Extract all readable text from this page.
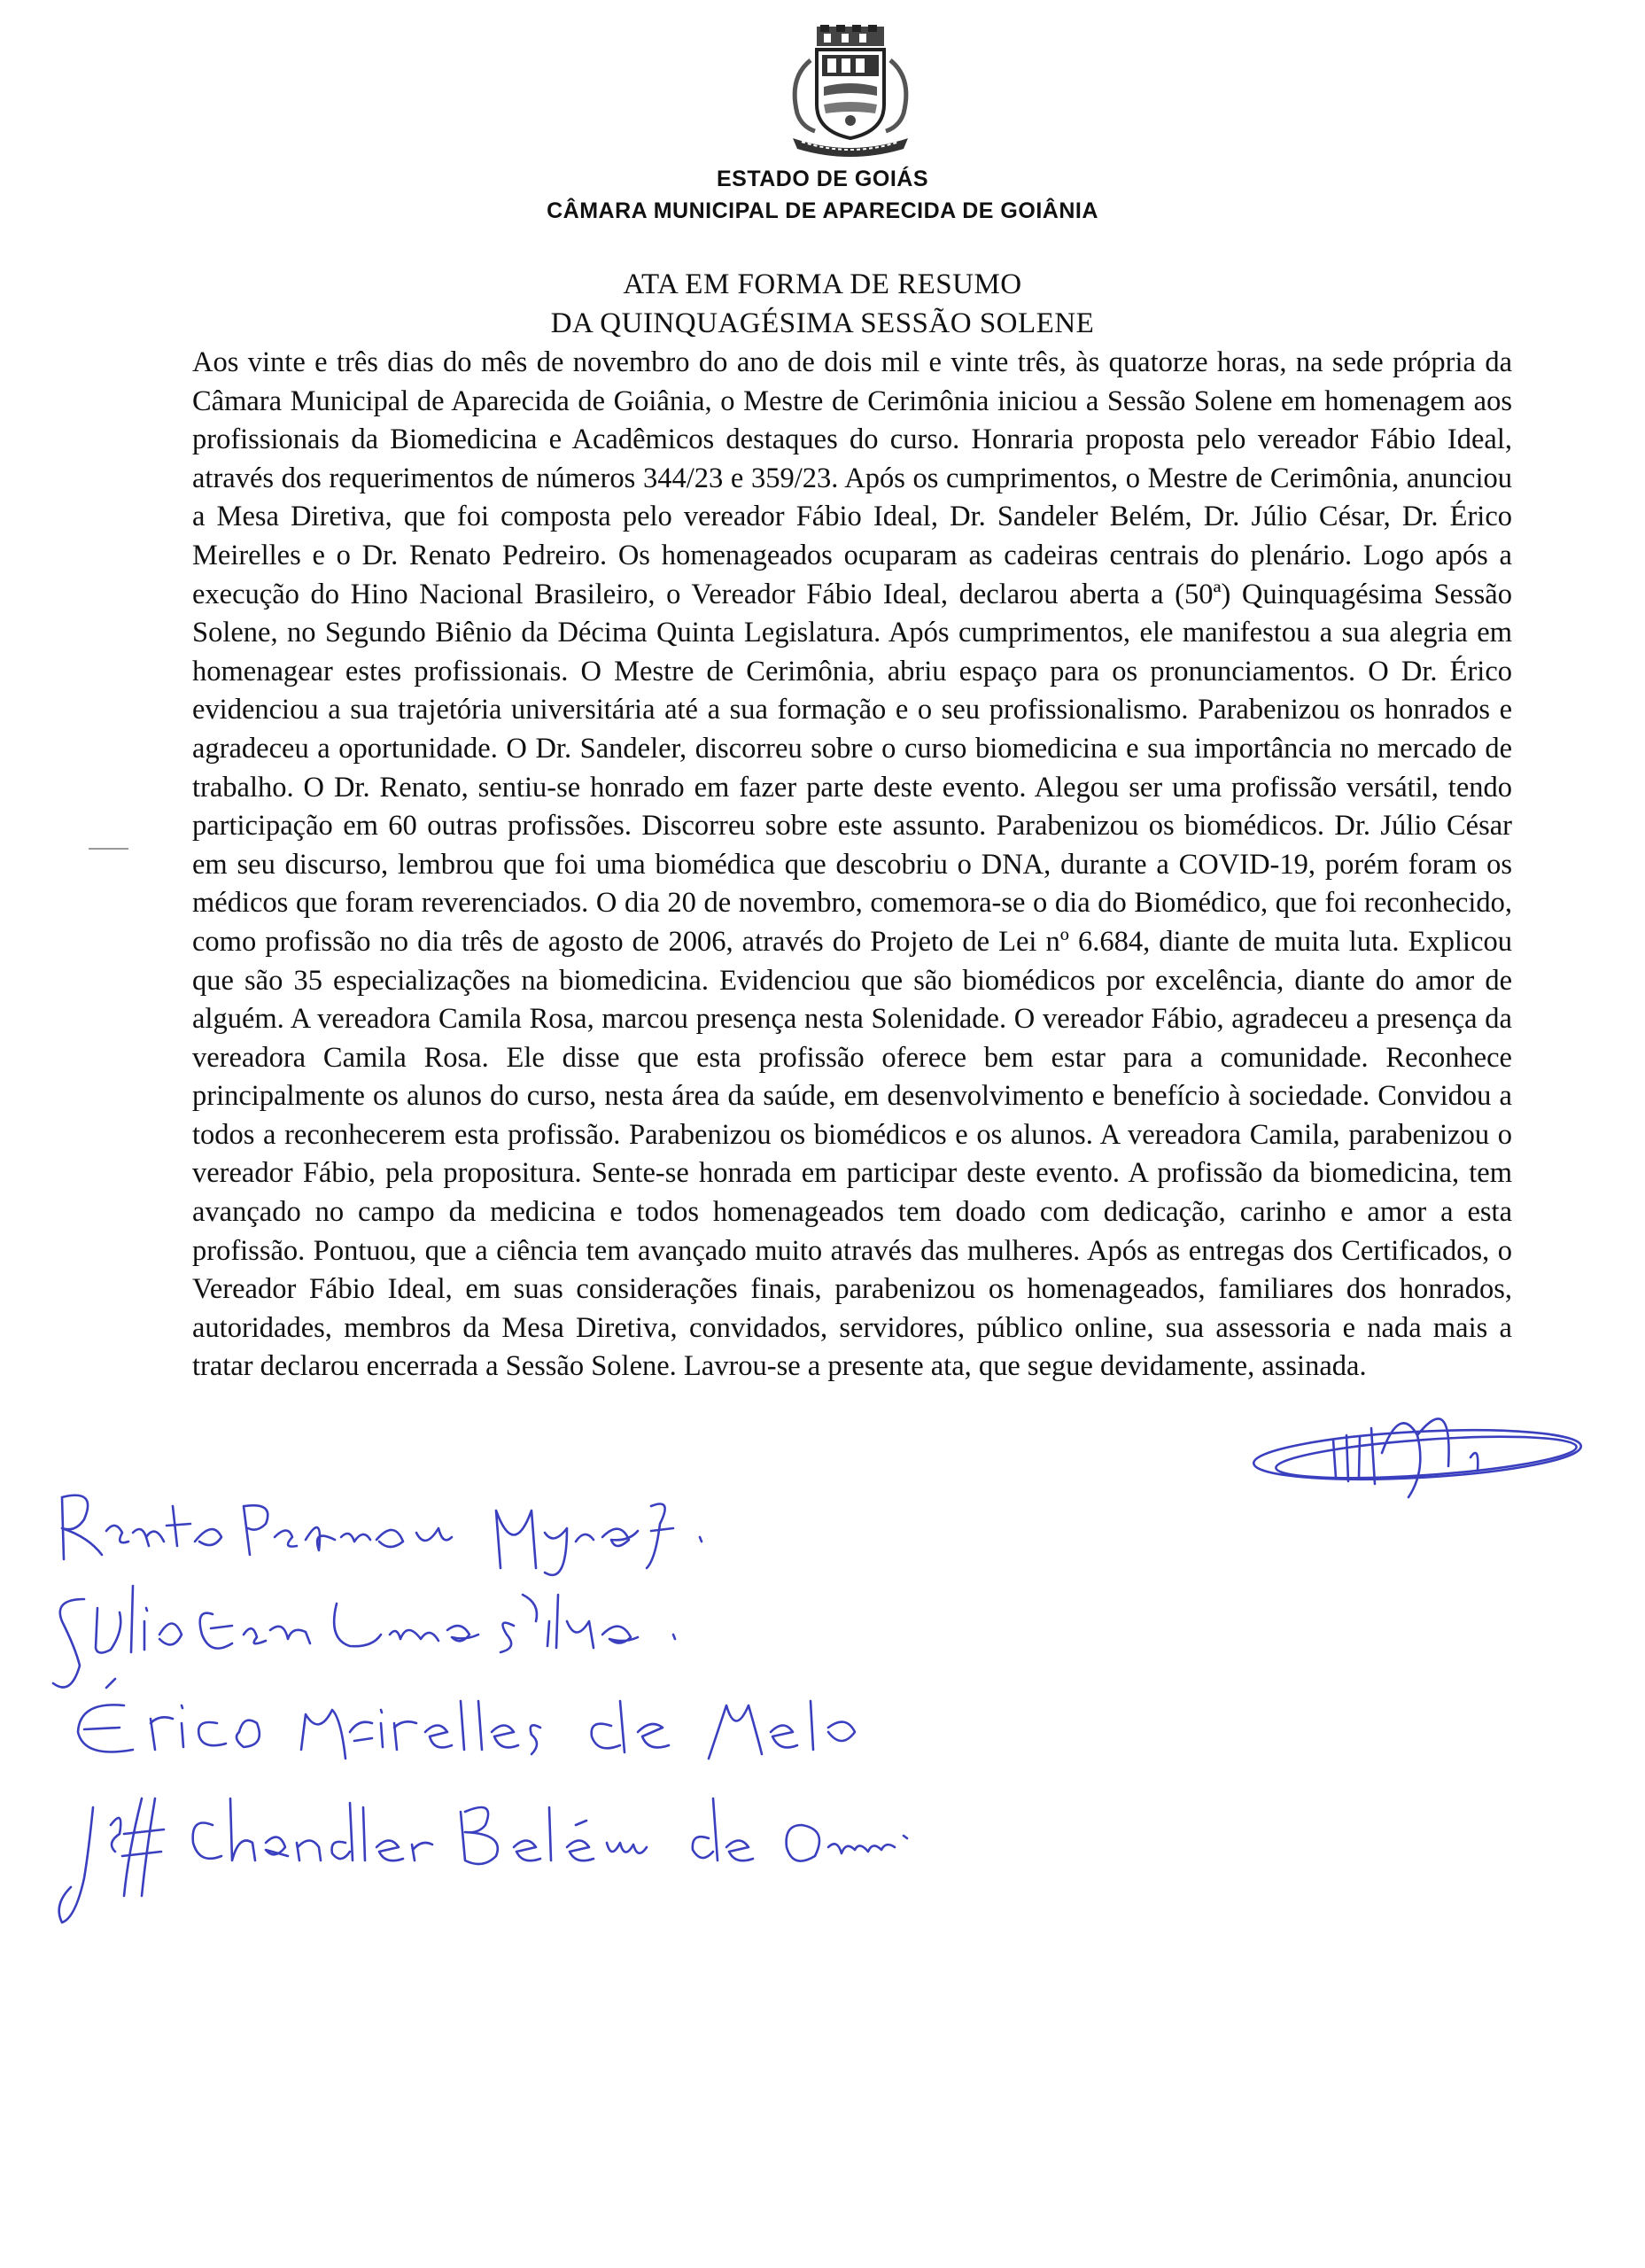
ESTADO DE GOIÁS
CÂMARA MUNICIPAL DE APARECIDA DE GOIÂNIA
ATA EM FORMA DE RESUMO
DA QUINQUAGÉSIMA SESSÃO SOLENE
Aos vinte e três dias do mês de novembro do ano de dois mil e vinte três, às quatorze horas, na sede própria da Câmara Municipal de Aparecida de Goiânia, o Mestre de Cerimônia iniciou a Sessão Solene em homenagem aos profissionais da Biomedicina e Acadêmicos destaques do curso. Honraria proposta pelo vereador Fábio Ideal, através dos requerimentos de números 344/23 e 359/23. Após os cumprimentos, o Mestre de Cerimônia, anunciou a Mesa Diretiva, que foi composta pelo vereador Fábio Ideal, Dr. Sandeler Belém, Dr. Júlio César, Dr. Érico Meirelles e o Dr. Renato Pedreiro. Os homenageados ocuparam as cadeiras centrais do plenário. Logo após a execução do Hino Nacional Brasileiro, o Vereador Fábio Ideal, declarou aberta a (50ª) Quinquagésima Sessão Solene, no Segundo Biênio da Décima Quinta Legislatura. Após cumprimentos, ele manifestou a sua alegria em homenagear estes profissionais. O Mestre de Cerimônia, abriu espaço para os pronunciamentos. O Dr. Érico evidenciou a sua trajetória universitária até a sua formação e o seu profissionalismo. Parabenizou os honrados e agradeceu a oportunidade. O Dr. Sandeler, discorreu sobre o curso biomedicina e sua importância no mercado de trabalho. O Dr. Renato, sentiu-se honrado em fazer parte deste evento. Alegou ser uma profissão versátil, tendo participação em 60 outras profissões. Discorreu sobre este assunto. Parabenizou os biomédicos. Dr. Júlio César em seu discurso, lembrou que foi uma biomédica que descobriu o DNA, durante a COVID-19, porém foram os médicos que foram reverenciados. O dia 20 de novembro, comemora-se o dia do Biomédico, que foi reconhecido, como profissão no dia três de agosto de 2006, através do Projeto de Lei nº 6.684, diante de muita luta. Explicou que são 35 especializações na biomedicina. Evidenciou que são biomédicos por excelência, diante do amor de alguém. A vereadora Camila Rosa, marcou presença nesta Solenidade. O vereador Fábio, agradeceu a presença da vereadora Camila Rosa. Ele disse que esta profissão oferece bem estar para a comunidade. Reconhece principalmente os alunos do curso, nesta área da saúde, em desenvolvimento e benefício à sociedade. Convidou a todos a reconhecerem esta profissão. Parabenizou os biomédicos e os alunos. A vereadora Camila, parabenizou o vereador Fábio, pela propositura. Sente-se honrada em participar deste evento. A profissão da biomedicina, tem avançado no campo da medicina e todos homenageados tem doado com dedicação, carinho e amor a esta profissão. Pontuou, que a ciência tem avançado muito através das mulheres. Após as entregas dos Certificados, o Vereador Fábio Ideal, em suas considerações finais, parabenizou os homenageados, familiares dos honrados, autoridades, membros da Mesa Diretiva, convidados, servidores, público online, sua assessoria e nada mais a tratar declarou encerrada a Sessão Solene. Lavrou-se a presente ata, que segue devidamente, assinada.
